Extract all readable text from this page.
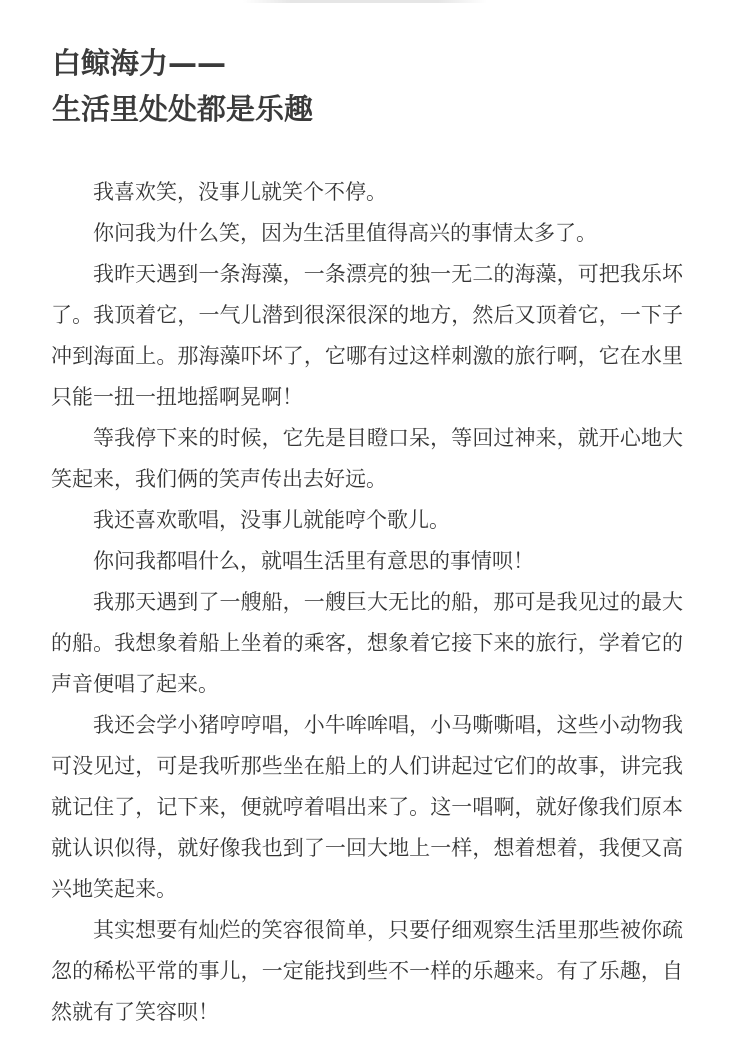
白鲸海力——
生活里处处都是乐趣

我喜欢笑，没事儿就笑个不停。

你问我为什么笑，因为生活里值得高兴的事情太多了。

我昨天遇到一条海藻，一条漂亮的独一无二的海藻，可把我乐坏了。我顶着它，一气儿潜到很深很深的地方，然后又顶着它，一下子冲到海面上。那海藻吓坏了，它哪有过这样刺激的旅行啊，它在水里只能一扭一扭地摇啊晃啊！

等我停下来的时候，它先是目瞪口呆，等回过神来，就开心地大笑起来，我们俩的笑声传出去好远。

我还喜欢歌唱，没事儿就能哼个歌儿。

你问我都唱什么，就唱生活里有意思的事情呗！

我那天遇到了一艘船，一艘巨大无比的船，那可是我见过的最大的船。我想象着船上坐着的乘客，想象着它接下来的旅行，学着它的声音便唱了起来。

我还会学小猪哼哼唱，小牛哞哞唱，小马嘶嘶唱，这些小动物我可没见过，可是我听那些坐在船上的人们讲起过它们的故事，讲完我就记住了，记下来，便就哼着唱出来了。这一唱啊，就好像我们原本就认识似得，就好像我也到了一回大地上一样，想着想着，我便又高兴地笑起来。

其实想要有灿烂的笑容很简单，只要仔细观察生活里那些被你疏忽的稀松平常的事儿，一定能找到些不一样的乐趣来。有了乐趣，自然就有了笑容呗！
